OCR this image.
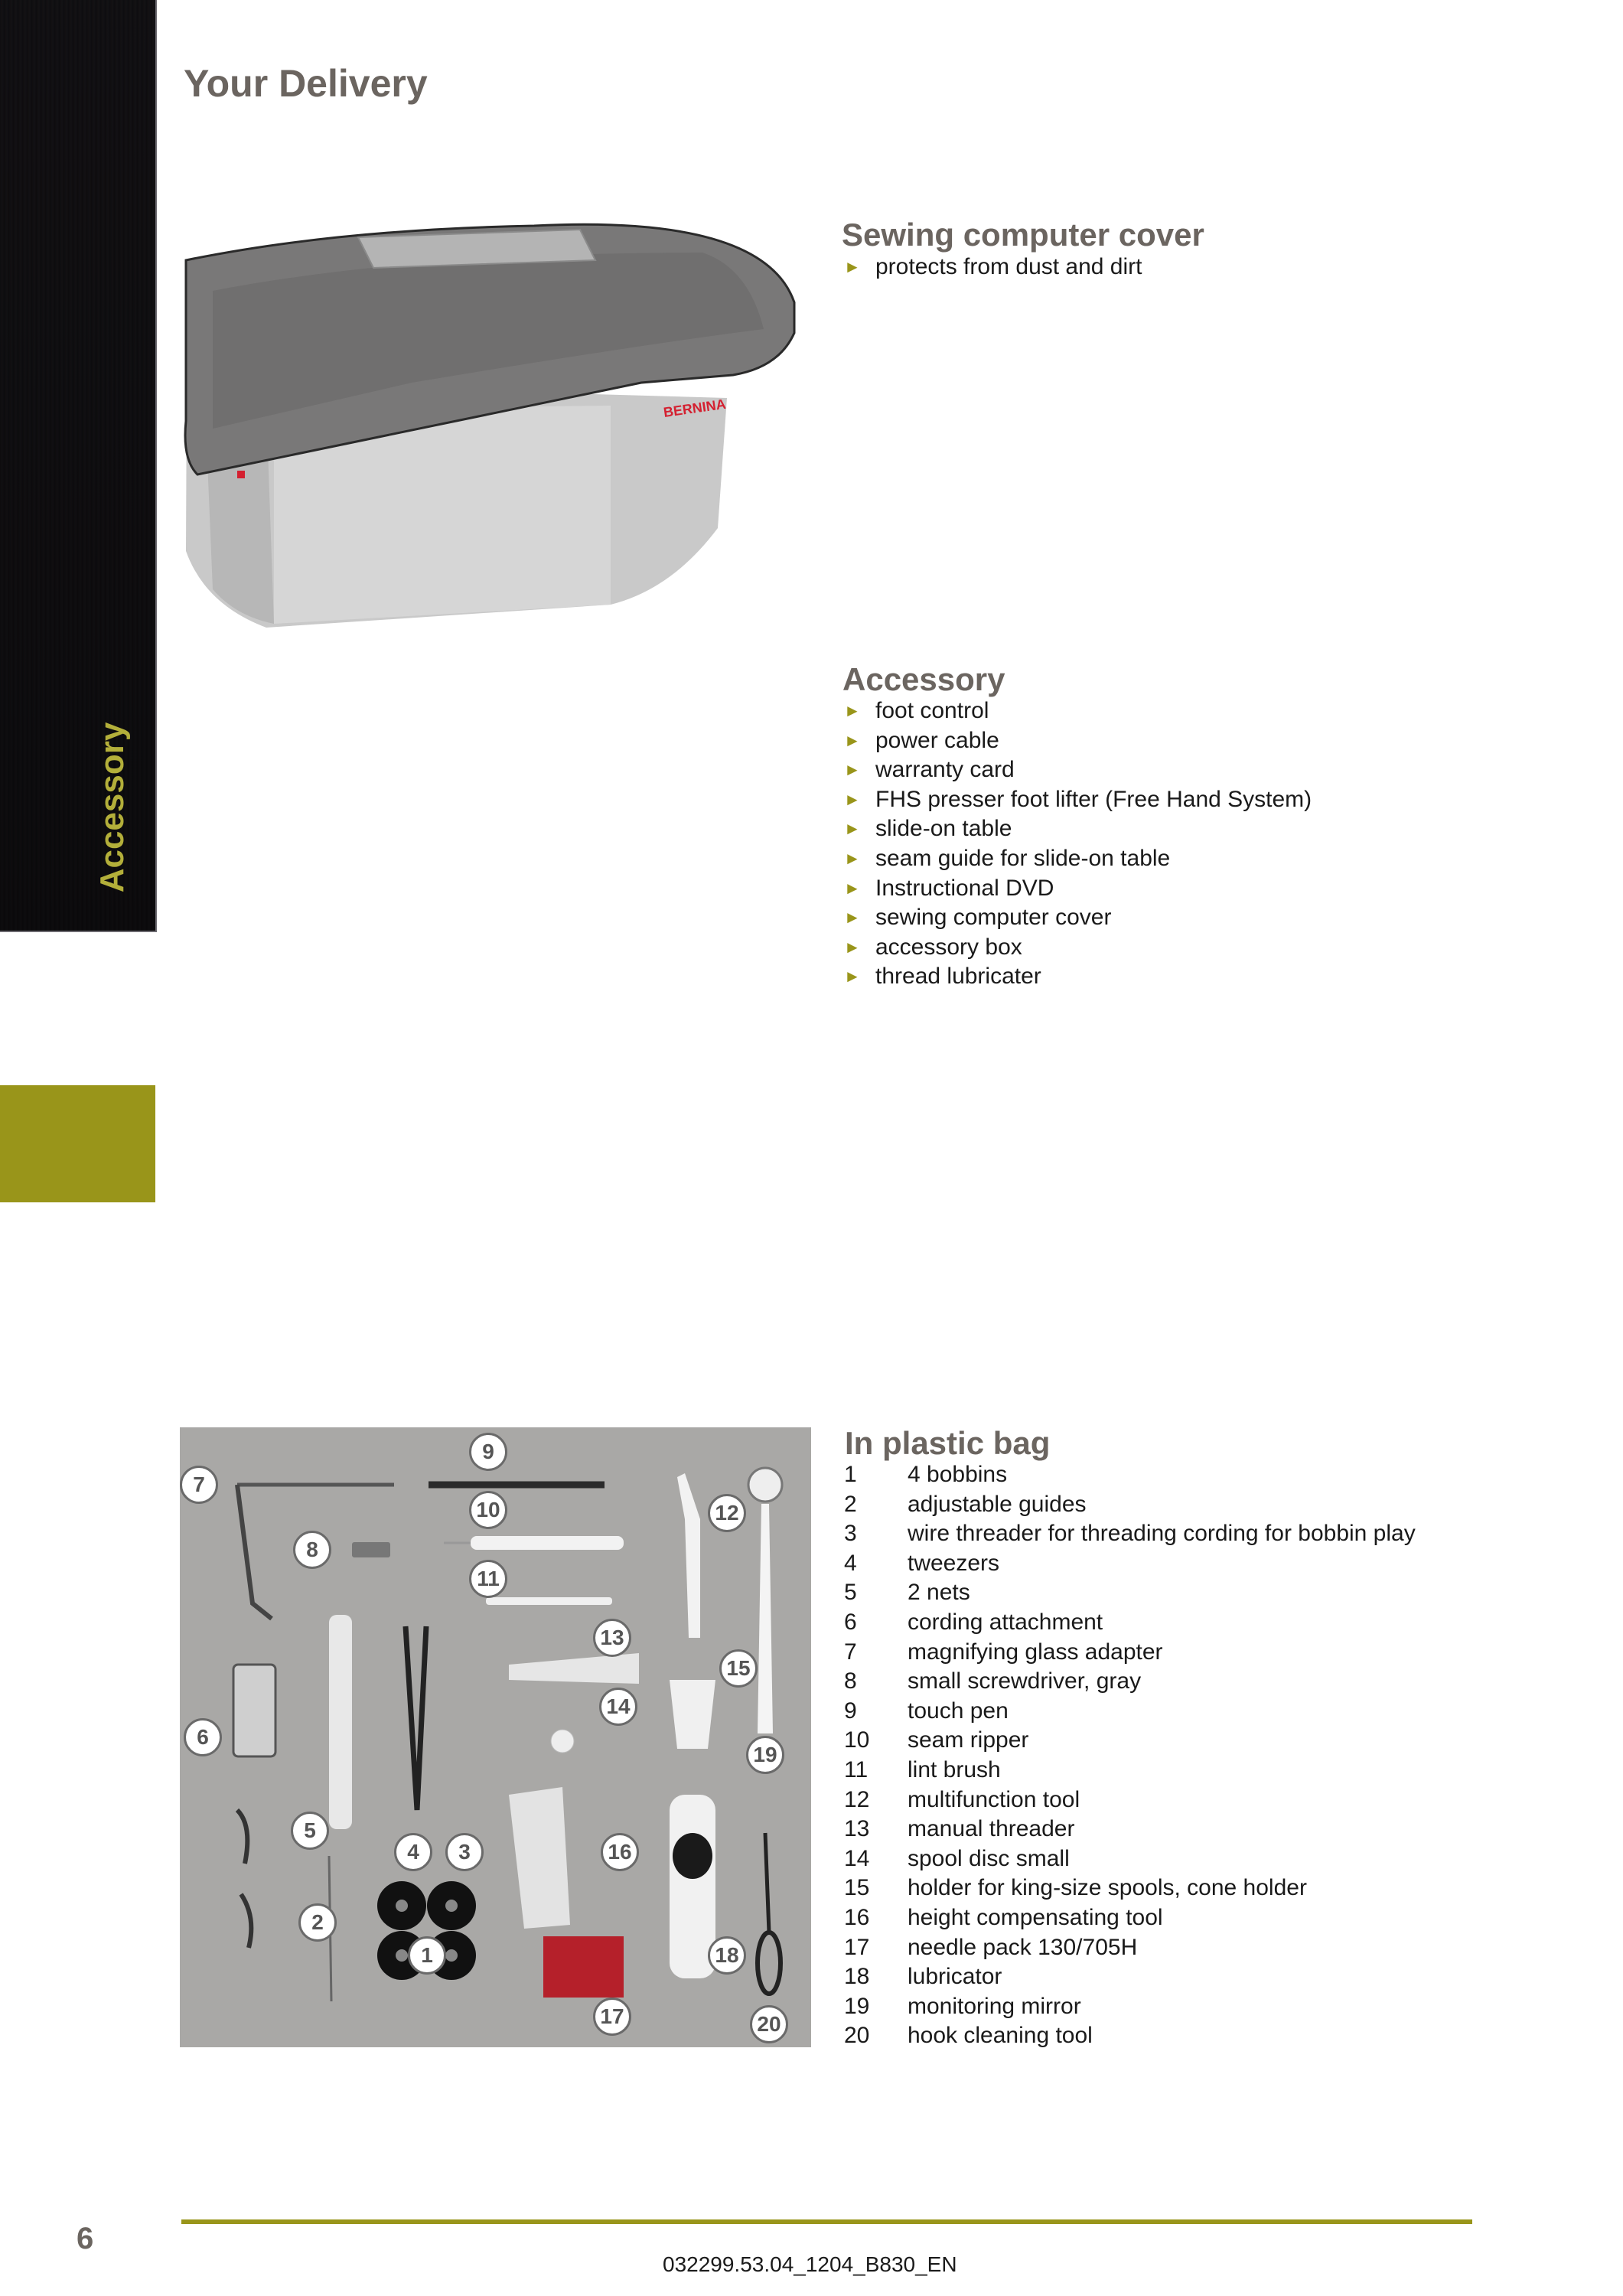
Accessory
Your Delivery
BERNINA
Sewing computer cover
► protects from dust and dirt
Accessory
► foot control
► power cable
► warranty card
► FHS presser foot lifter (Free Hand System)
► slide-on table
► seam guide for slide-on table
► Instructional DVD
► sewing computer cover
► accessory box
► thread lubricater
9
7
10	12
8
11
13
15
14
6
19
5
4	3	16
2
1	18
17	20
In plastic bag
1	4 bobbins
2	adjustable guides
3	wire threader for threading cording for bobbin play
4	tweezers
5	2 nets
6	cording attachment
7	magnifying glass adapter
8	small screwdriver, gray
9	touch pen
10	seam ripper
11	lint brush
12	multifunction tool
13	manual threader
14	spool disc small
15	holder for king-size spools, cone holder
16	height compensating tool
17	needle pack 130/705H
18	lubricator
19	monitoring mirror
20	hook cleaning tool
6
032299.53.04_1204_B830_EN
